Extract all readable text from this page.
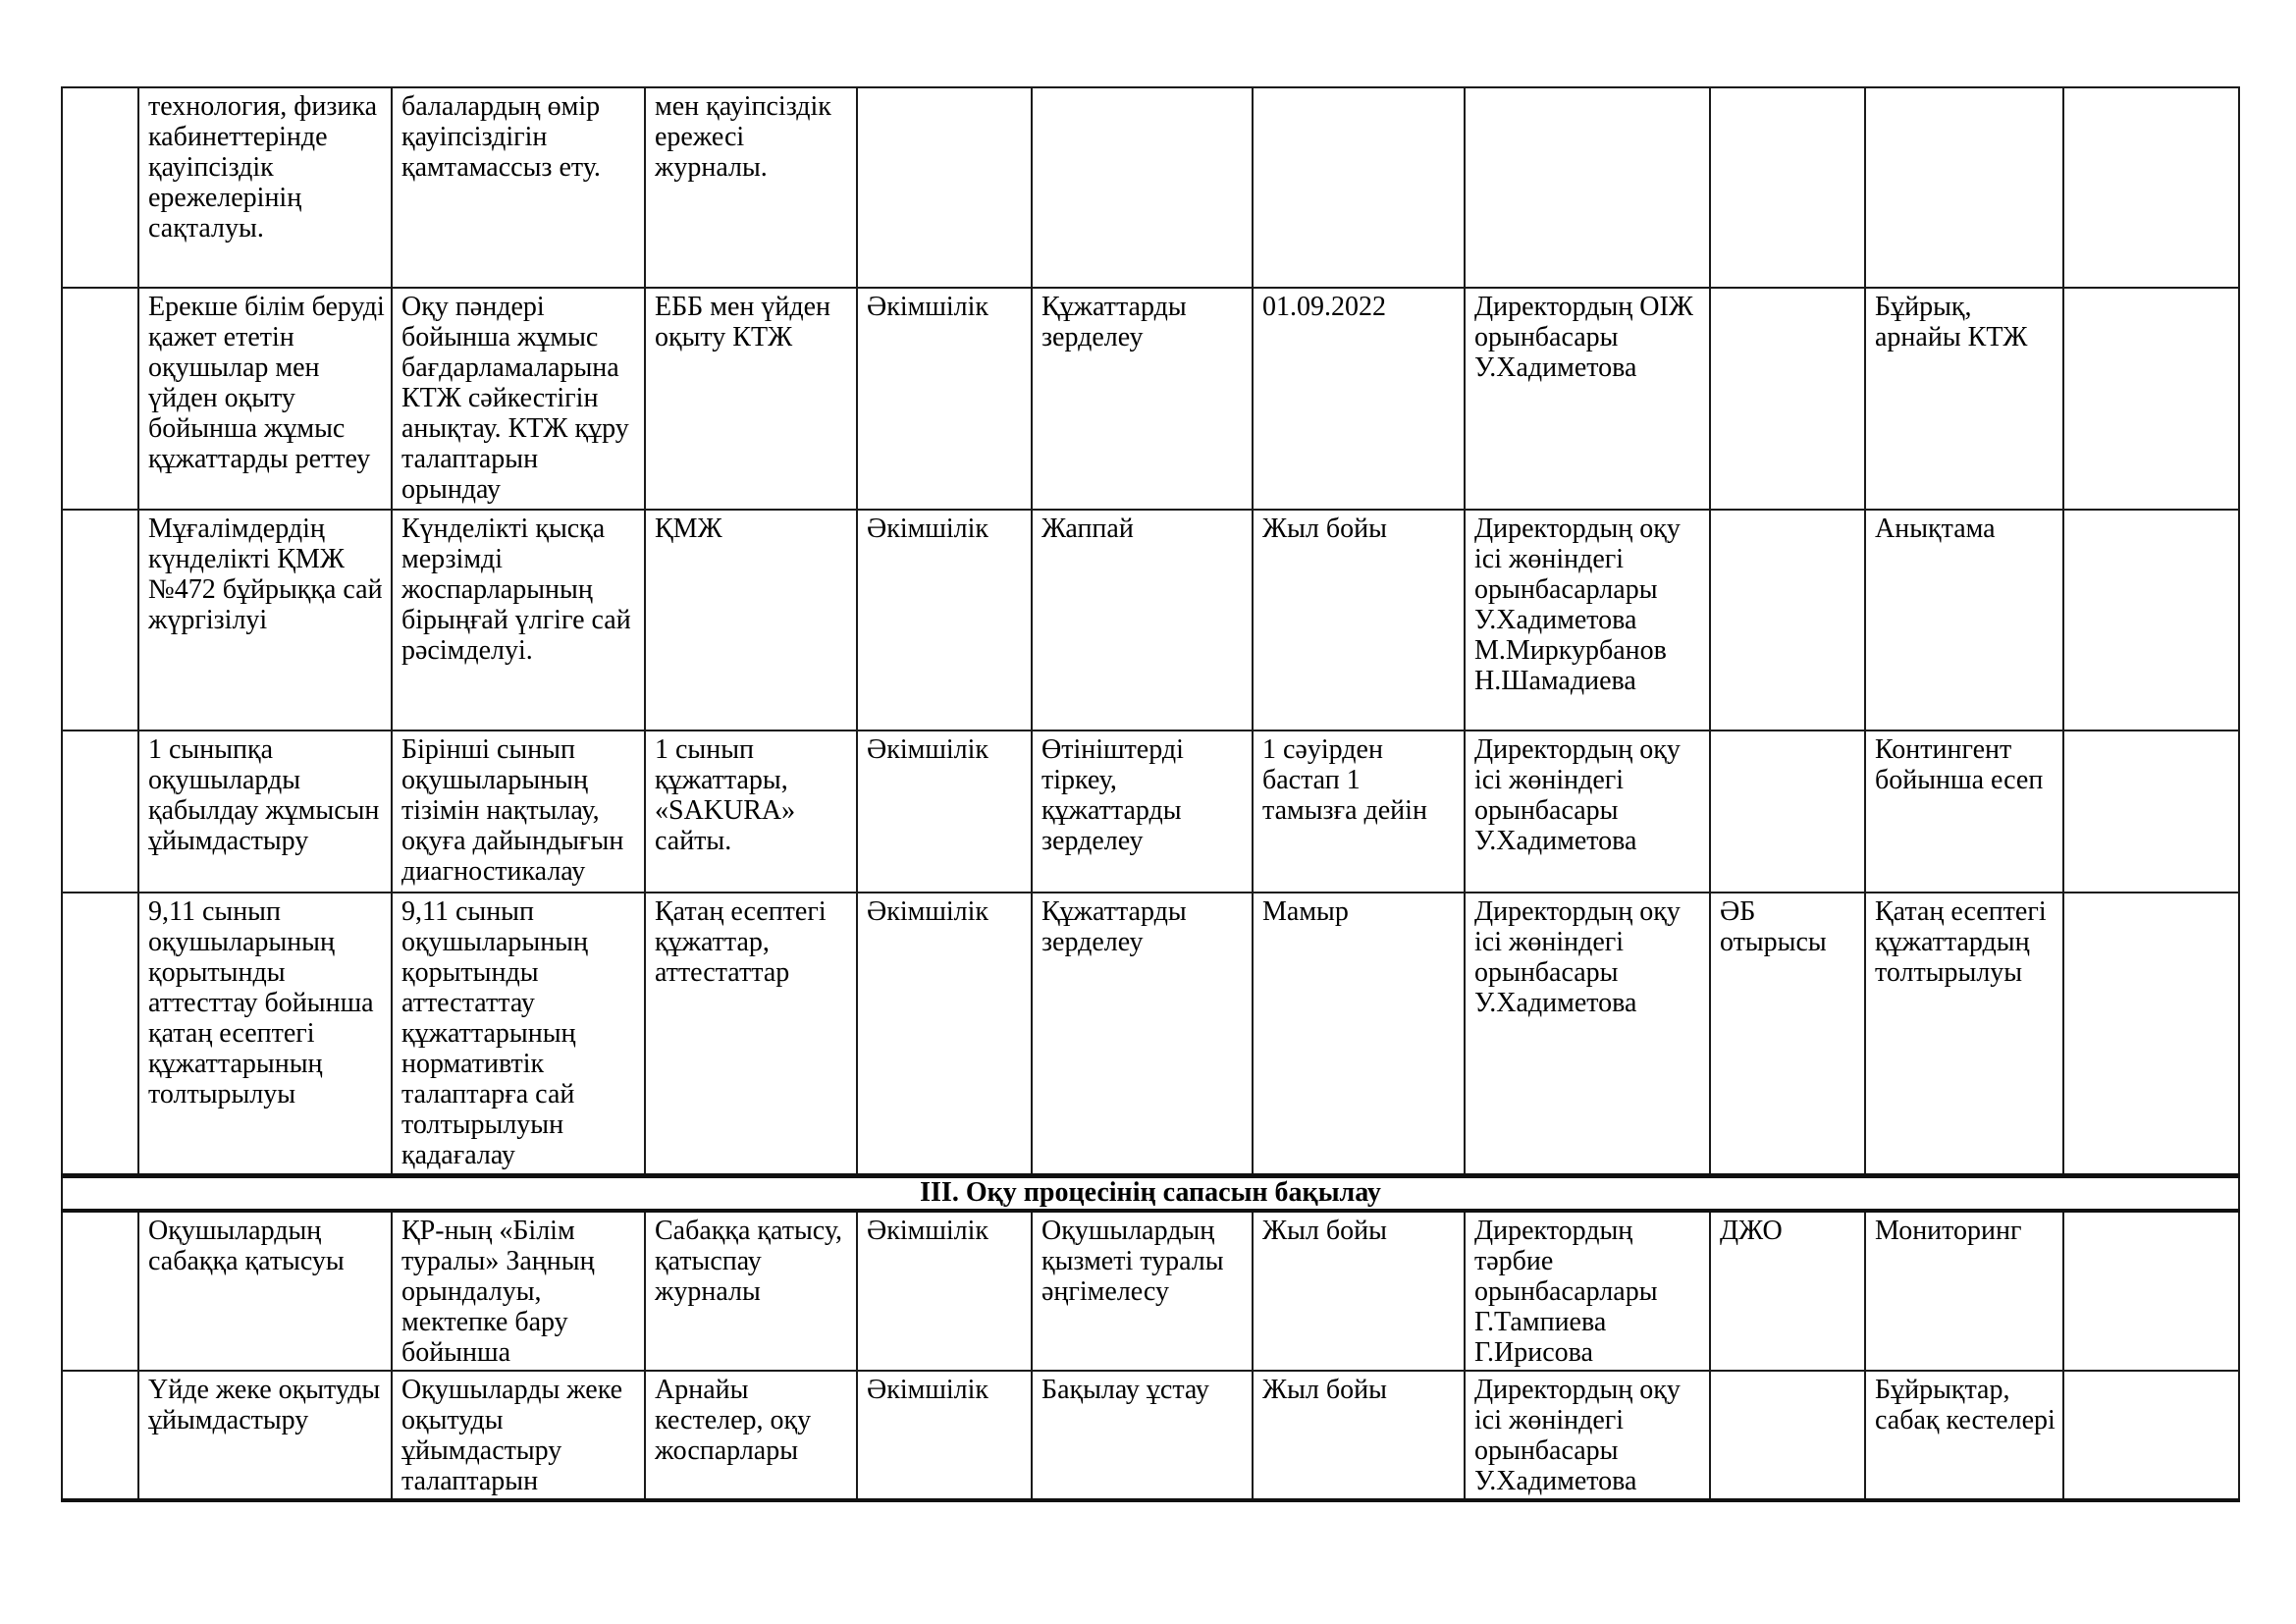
	технология, физика кабинеттерінде қауіпсіздік ережелерінің сақталуы.	балалардың өмір қауіпсіздігін қамтамассыз ету.	мен қауіпсіздік ережесі журналы.							
	Ерекше білім беруді қажет ететін оқушылар мен үйден оқыту бойынша жұмыс құжаттарды реттеу	Оқу пәндері бойынша жұмыс бағдарламаларына КТЖ сәйкестігін анықтау. КТЖ құру талаптарын орындау	ЕББ мен үйден оқыту КТЖ	Әкімшілік	Құжаттарды зерделеу	01.09.2022	Директордың ОІЖ орынбасары У.Хадиметова		Бұйрық, арнайы КТЖ	
	Мұғалімдердің күнделікті ҚМЖ №472 бұйрыққа сай жүргізілуі	Күнделікті қысқа мерзімді жоспарларының бірыңғай үлгіге сай рәсімделуі.	ҚМЖ	Әкімшілік	Жаппай	Жыл бойы	Директордың оқу ісі жөніндегі орынбасарлары У.Хадиметова М.Миркурбанов Н.Шамадиева		Анықтама	
	1 сыныпқа оқушыларды қабылдау жұмысын ұйымдастыру	Бірінші сынып оқушыларының тізімін нақтылау, оқуға дайындығын диагностикалау	1 сынып құжаттары, «SAKURA» сайты.	Әкімшілік	Өтініштерді тіркеу, құжаттарды зерделеу	1 сәуірден бастап 1 тамызға дейін	Директордың оқу ісі жөніндегі орынбасары У.Хадиметова		Контингент бойынша есеп	
	9,11 сынып оқушыларының қорытынды аттесттау бойынша қатаң есептегі құжаттарының толтырылуы	9,11 сынып оқушыларының қорытынды аттестаттау құжаттарының нормативтік талаптарға сай толтырылуын қадағалау	Қатаң есептегі құжаттар, аттестаттар	Әкімшілік	Құжаттарды зерделеу	Мамыр	Директордың оқу ісі жөніндегі орынбасары У.Хадиметова	ӘБ отырысы	Қатаң есептегі құжаттардың толтырылуы	
ІІІ. Оқу процесінің сапасын бақылау										
	Оқушылардың сабаққа қатысуы	ҚР-ның «Білім туралы» Заңның орындалуы, мектепке бару бойынша	Сабаққа қатысу, қатыспау журналы	Әкімшілік	Оқушылардың қызметі туралы әңгімелесу	Жыл бойы	Директордың тәрбие орынбасарлары Г.Тампиева Г.Ирисова	ДЖО	Мониторинг	
	Үйде жеке оқытуды ұйымдастыру	Оқушыларды жеке оқытуды ұйымдастыру талаптарын	Арнайы кестелер, оқу жоспарлары	Әкімшілік	Бақылау ұстау	Жыл бойы	Директордың оқу ісі жөніндегі орынбасары У.Хадиметова		Бұйрықтар, сабақ кестелері	
